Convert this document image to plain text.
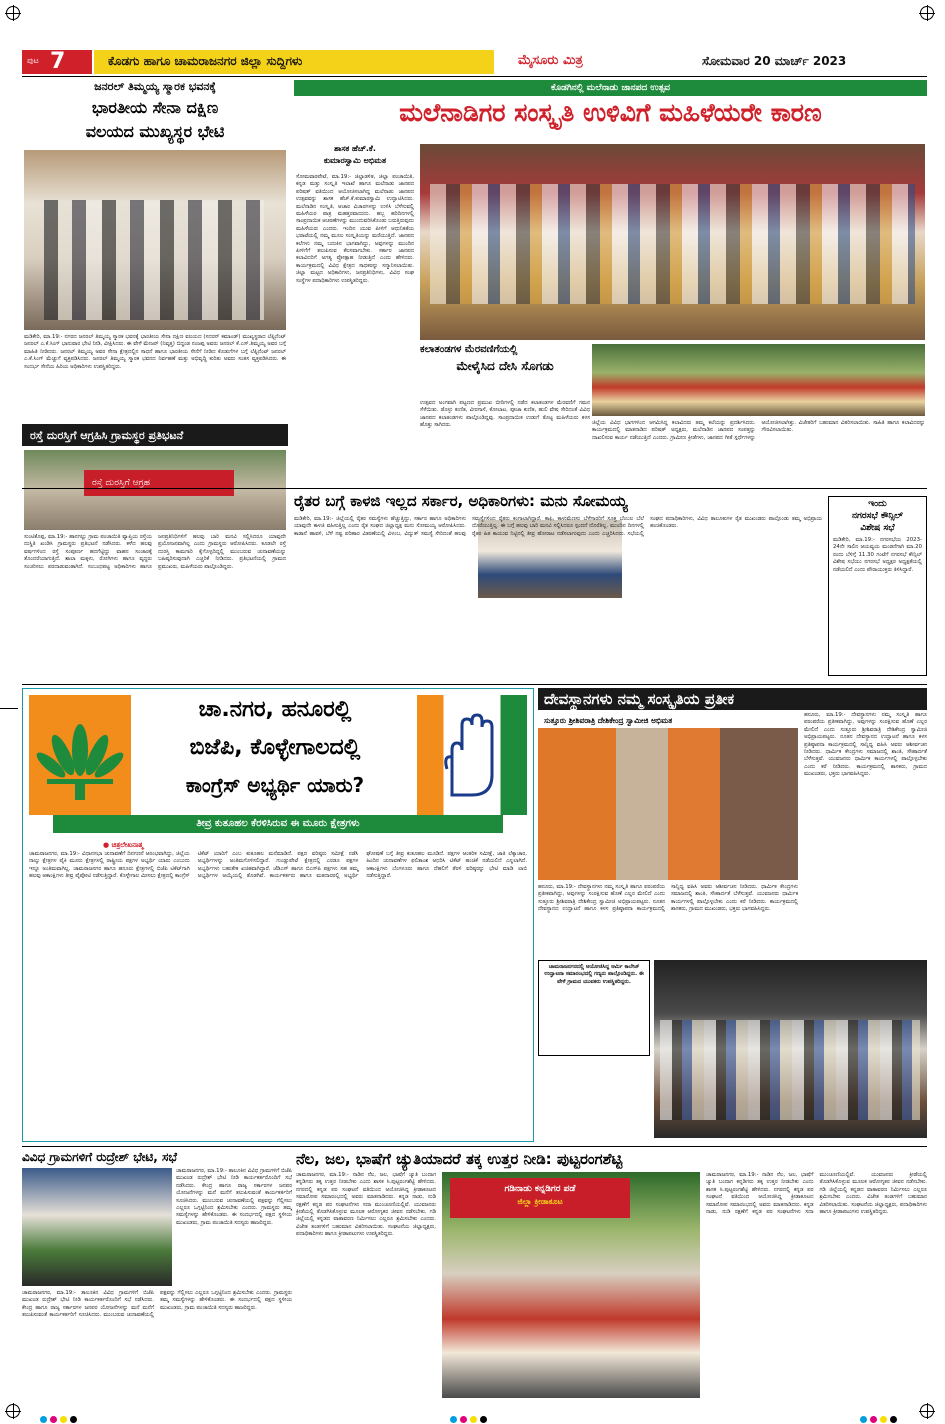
ಪುಟ 7	ಕೊಡಗು ಹಾಗೂ ಚಾಮರಾಜನಗರ ಜಿಲ್ಲಾ ಸುದ್ದಿಗಳು	ಮೈಸೂರು ಮಿತ್ರ	ಸೋಮವಾರ 20 ಮಾರ್ಚ್ 2023
ಜನರಲ್ ತಿಮ್ಮಯ್ಯ ಸ್ಮಾರಕ ಭವನಕ್ಕೆ
ಭಾರತೀಯ ಸೇನಾ ದಕ್ಷಿಣ
ವಲಯದ ಮುಖ್ಯಸ್ಥರ ಭೇಟಿ
ಮಡಿಕೇರಿ, ಮಾ.19:- ನಗರದ ಜನರಲ್ ತಿಮ್ಮಯ್ಯ ಸ್ಮಾರಕ ಭವನಕ್ಕೆ ಭಾರತೀಯ ಸೇನಾ ದಕ್ಷಿಣ ವಲಯದ (ಸದರನ್ ಕಮಾಂಡ್) ಮುಖ್ಯಸ್ಥರಾದ ಲೆಫ್ಟಿನೆಂಟ್ ಜನರಲ್ ಎ.ಕೆ.ಸಿಂಗ್ ಭಾನುವಾರ ಭೇಟಿ ನೀಡಿ, ವೀಕ್ಷಿಸಿದರು. ಈ ವೇಳೆ ಮೇಜರ್ (ನಿವೃತ್ತ) ಬಿದ್ದಂಡ ನಂಜಪ್ಪ ಅವರು ಜನರಲ್ ಕೆ.ಎಸ್.ತಿಮ್ಮಯ್ಯ ಅವರ ಬಗ್ಗೆ ಮಾಹಿತಿ ನೀಡಿದರು. ಜನರಲ್ ತಿಮ್ಮಯ್ಯ ಅವರ ಸೇನಾ ಕ್ಷೇತ್ರದಲ್ಲಿನ ಸಾಧನೆ ಹಾಗೂ ಭಾರತೀಯ ಸೇನೆಗೆ ನೀಡಿದ ಕೊಡುಗೆಗಳ ಬಗ್ಗೆ ಲೆಫ್ಟಿನೆಂಟ್ ಜನರಲ್ ಎ.ಕೆ.ಸಿಂಗ್ ಮೆಚ್ಚುಗೆ ವ್ಯಕ್ತಪಡಿಸಿದರು. ಜನರಲ್ ತಿಮ್ಮಯ್ಯ ಸ್ಮಾರಕ ಭವನದ ನಿರ್ವಹಣೆ ಮತ್ತು ಅಭಿವೃದ್ಧಿ ಕುರಿತು ಅವರು ಸಂತಸ ವ್ಯಕ್ತಪಡಿಸಿದರು. ಈ ಸಂದರ್ಭ ಸೇನೆಯ ಹಿರಿಯ ಅಧಿಕಾರಿಗಳು ಉಪಸ್ಥಿತರಿದ್ದರು.
ರಸ್ತೆ ದುರಸ್ತಿಗೆ ಆಗ್ರಹಿಸಿ ಗ್ರಾಮಸ್ಥರ ಪ್ರತಿಭಟನೆ
ರಸ್ತೆ ದುರಸ್ತಿಗೆ ಆಗ್ರಹ
ಸುಂಟಿಕೊಪ್ಪ, ಮಾ.19:- ಹಾನಗಲ್ಲು ಗ್ರಾಮ ಪಂಚಾಯಿತಿ ವ್ಯಾಪ್ತಿಯ ರಸ್ತೆಯ ದುಸ್ಥಿತಿ ಖಂಡಿಸಿ ಗ್ರಾಮಸ್ಥರು ಪ್ರತಿಭಟನೆ ನಡೆಸಿದರು. ಕಳೆದ ಹಲವು ವರ್ಷಗಳಿಂದ ರಸ್ತೆ ಸಂಪೂರ್ಣ ಹದಗೆಟ್ಟಿದ್ದು ವಾಹನ ಸಂಚಾರಕ್ಕೆ ತೊಂದರೆಯಾಗುತ್ತಿದೆ. ಶಾಲಾ ಮಕ್ಕಳು, ರೋಗಿಗಳು ಹಾಗೂ ವೃದ್ಧರು ಸಂಚರಿಸಲು ಪರದಾಡುವಂತಾಗಿದೆ. ಸಂಬಂಧಪಟ್ಟ ಅಧಿಕಾರಿಗಳು ಹಾಗೂ ಜನಪ್ರತಿನಿಧಿಗಳಿಗೆ ಹಲವು ಬಾರಿ ಮನವಿ ಸಲ್ಲಿಸಿದರೂ ಯಾವುದೇ ಪ್ರಯೋಜನವಾಗಿಲ್ಲ ಎಂದು ಗ್ರಾಮಸ್ಥರು ಆರೋಪಿಸಿದರು. ಕೂಡಲೇ ರಸ್ತೆ ದುರಸ್ತಿ ಕಾಮಗಾರಿ ಕೈಗೊಳ್ಳದಿದ್ದಲ್ಲಿ ಮುಂಬರುವ ಚುನಾವಣೆಯನ್ನು ಬಹಿಷ್ಕರಿಸುವುದಾಗಿ ಎಚ್ಚರಿಕೆ ನೀಡಿದರು. ಪ್ರತಿಭಟನೆಯಲ್ಲಿ ಗ್ರಾಮದ ಪ್ರಮುಖರು, ಮಹಿಳೆಯರು ಪಾಲ್ಗೊಂಡಿದ್ದರು.
ಕೊಡಗಿನಲ್ಲಿ ಮಲೆನಾಡು ಜಾನಪದ ಉತ್ಸವ
ಮಲೆನಾಡಿಗರ ಸಂಸ್ಕೃತಿ ಉಳಿವಿಗೆ ಮಹಿಳೆಯರೇ ಕಾರಣ
ಶಾಸಕ ಹೆಚ್.ಕೆ.
ಕುಮಾರಸ್ವಾಮಿ ಅಭಿಮತ
ಸೋಮವಾರಪೇಟೆ, ಮಾ.19:- ಜಿಲ್ಲಾಡಳಿತ, ಜಿಲ್ಲಾ ಪಂಚಾಯಿತಿ, ಕನ್ನಡ ಮತ್ತು ಸಂಸ್ಕೃತಿ ಇಲಾಖೆ ಹಾಗೂ ಮಲೆನಾಡು ಜಾನಪದ ಪರಿಷತ್ ವತಿಯಿಂದ ಆಯೋಜಿಸಲಾಗಿದ್ದ ಮಲೆನಾಡು ಜಾನಪದ ಉತ್ಸವವನ್ನು ಶಾಸಕ ಹೆಚ್.ಕೆ.ಕುಮಾರಸ್ವಾಮಿ ಉದ್ಘಾಟಿಸಿದರು. ಮಲೆನಾಡಿನ ಸಂಸ್ಕೃತಿ, ಆಚಾರ ವಿಚಾರಗಳನ್ನು ಉಳಿಸಿ ಬೆಳೆಸುವಲ್ಲಿ ಮಹಿಳೆಯರ ಪಾತ್ರ ಮಹತ್ತರವಾದುದು. ಹಬ್ಬ ಹರಿದಿನಗಳಲ್ಲಿ ಸಾಂಪ್ರದಾಯಿಕ ಆಚರಣೆಗಳನ್ನು ಮುಂದುವರಿಸಿಕೊಂಡು ಬರುತ್ತಿರುವುದು ಮಹಿಳೆಯರು ಎಂದರು. ಇಂದಿನ ಯುವ ಪೀಳಿಗೆ ಆಧುನಿಕತೆಯ ಭರಾಟೆಯಲ್ಲಿ ನಮ್ಮ ಮೂಲ ಸಂಸ್ಕೃತಿಯನ್ನು ಮರೆಯುತ್ತಿದೆ. ಜಾನಪದ ಕಲೆಗಳು ನಮ್ಮ ಬದುಕಿನ ಭಾಗವಾಗಿದ್ದು, ಅವುಗಳನ್ನು ಮುಂದಿನ ಪೀಳಿಗೆಗೆ ತಲುಪಿಸುವ ಕೆಲಸವಾಗಬೇಕು. ಸರ್ಕಾರ ಜಾನಪದ ಕಲಾವಿದರಿಗೆ ಅಗತ್ಯ ಪ್ರೋತ್ಸಾಹ ನೀಡುತ್ತಿದೆ ಎಂದು ಹೇಳಿದರು. ಕಾರ್ಯಕ್ರಮದಲ್ಲಿ ವಿವಿಧ ಕ್ಷೇತ್ರದ ಸಾಧಕರನ್ನು ಸನ್ಮಾನಿಸಲಾಯಿತು. ಜಿಲ್ಲಾ ಮಟ್ಟದ ಅಧಿಕಾರಿಗಳು, ಜನಪ್ರತಿನಿಧಿಗಳು, ವಿವಿಧ ಸಂಘ ಸಂಸ್ಥೆಗಳ ಪದಾಧಿಕಾರಿಗಳು ಉಪಸ್ಥಿತರಿದ್ದರು.
ಕಲಾತಂಡಗಳ ಮೆರವಣಿಗೆಯಲ್ಲಿ
ಮೇಳೈಸಿದ ದೇಸಿ ಸೊಗಡು
ಉತ್ಸವದ ಅಂಗವಾಗಿ ಪಟ್ಟಣದ ಪ್ರಮುಖ ಬೀದಿಗಳಲ್ಲಿ ನಡೆದ ಕಲಾತಂಡಗಳ ಮೆರವಣಿಗೆ ಗಮನ ಸೆಳೆಯಿತು. ಡೊಳ್ಳು ಕುಣಿತ, ವೀರಗಾಸೆ, ಕೋಲಾಟ, ಪೂಜಾ ಕುಣಿತ, ಹುಲಿ ವೇಷ ಸೇರಿದಂತೆ ವಿವಿಧ ಜಾನಪದ ಕಲಾತಂಡಗಳು ಪಾಲ್ಗೊಂಡಿದ್ದವು. ಸಾಂಪ್ರದಾಯಿಕ ಉಡುಗೆ ತೊಟ್ಟ ಮಹಿಳೆಯರು ಕಳಸ ಹೊತ್ತು ಸಾಗಿದರು.	ಜಿಲ್ಲೆಯ ವಿವಿಧ ಭಾಗಗಳಿಂದ ಆಗಮಿಸಿದ್ದ ಕಲಾವಿದರು ತಮ್ಮ ಕಲೆಯನ್ನು ಪ್ರದರ್ಶಿಸಿದರು. ಕಾರ್ಯಕ್ರಮದಲ್ಲಿ ಮಾತನಾಡಿದ ಪರಿಷತ್ ಅಧ್ಯಕ್ಷರು, ಮಲೆನಾಡಿನ ಜಾನಪದ ಸಂಪತ್ತನ್ನು ದಾಖಲಿಸುವ ಕಾರ್ಯ ನಡೆಯುತ್ತಿದೆ ಎಂದರು. ಗ್ರಾಮೀಣ ಕ್ರೀಡೆಗಳು, ಜಾನಪದ ಗೀತೆ ಸ್ಪರ್ಧೆಗಳನ್ನು ಆಯೋಜಿಸಲಾಗಿತ್ತು. ವಿಜೇತರಿಗೆ ಬಹುಮಾನ ವಿತರಿಸಲಾಯಿತು. ಸಾಹಿತಿ ಹಾಗೂ ಕಲಾವಿದರನ್ನು ಗೌರವಿಸಲಾಯಿತು.
ರೈತರ ಬಗ್ಗೆ ಕಾಳಜಿ ಇಲ್ಲದ ಸರ್ಕಾರ, ಅಧಿಕಾರಿಗಳು: ಮನು ಸೋಮಯ್ಯ
ಮಡಿಕೇರಿ, ಮಾ.19:- ಜಿಲ್ಲೆಯಲ್ಲಿ ರೈತರ ಸಮಸ್ಯೆಗಳು ಹೆಚ್ಚುತ್ತಿದ್ದು, ಸರ್ಕಾರ ಹಾಗೂ ಅಧಿಕಾರಿಗಳು ಯಾವುದೇ ಕಾಳಜಿ ವಹಿಸುತ್ತಿಲ್ಲ ಎಂದು ರೈತ ಸಂಘದ ಜಿಲ್ಲಾಧ್ಯಕ್ಷ ಮನು ಸೋಮಯ್ಯ ಆರೋಪಿಸಿದರು. ಕಾಡಾನೆ ಹಾವಳಿ, ಬೆಳೆ ನಷ್ಟ ಪರಿಹಾರ ವಿತರಣೆಯಲ್ಲಿ ವಿಳಂಬ, ವಿದ್ಯುತ್ ಸಮಸ್ಯೆ ಸೇರಿದಂತೆ ಹಲವು ಸಮಸ್ಯೆಗಳಿಂದ ರೈತರು ಕಂಗಾಲಾಗಿದ್ದಾರೆ. ಕಾಫಿ, ಕಾಳುಮೆಣಸು ಬೆಳೆಗಾರರಿಗೆ ಸೂಕ್ತ ಬೆಂಬಲ ಬೆಲೆ ದೊರೆಯುತ್ತಿಲ್ಲ. ಈ ಬಗ್ಗೆ ಹಲವು ಬಾರಿ ಮನವಿ ಸಲ್ಲಿಸಿದರೂ ಸ್ಪಂದನೆ ದೊರೆತಿಲ್ಲ. ಮುಂದಿನ ದಿನಗಳಲ್ಲಿ ರೈತರ ಹಿತ ಕಾಯುವ ನಿಟ್ಟಿನಲ್ಲಿ ತೀವ್ರ ಹೋರಾಟ ನಡೆಸಲಾಗುವುದು ಎಂದು ಎಚ್ಚರಿಸಿದರು. ಸಭೆಯಲ್ಲಿ ಸಂಘದ ಪದಾಧಿಕಾರಿಗಳು, ವಿವಿಧ ತಾಲೂಕುಗಳ ರೈತ ಮುಖಂಡರು ಪಾಲ್ಗೊಂಡು ತಮ್ಮ ಅಭಿಪ್ರಾಯ ಹಂಚಿಕೊಂಡರು.
ಇಂದು
ನಗರಸಭೆ ಕೌನ್ಸಿಲ್
ವಿಶೇಷ ಸಭೆ
ಮಡಿಕೇರಿ, ಮಾ.19:- ನಗರಸಭೆಯ 2023-24ನೇ ಸಾಲಿನ ಆಯವ್ಯಯ ಮಂಡನೆಗಾಗಿ ಮಾ.20 ರಂದು ಬೆಳಿಗ್ಗೆ 11.30 ಗಂಟೆಗೆ ನಗರಸಭೆ ಕೌನ್ಸಿಲ್ ವಿಶೇಷ ಸಭೆಯು ನಗರಸಭೆ ಅಧ್ಯಕ್ಷರ ಅಧ್ಯಕ್ಷತೆಯಲ್ಲಿ ನಡೆಯಲಿದೆ ಎಂದು ಪೌರಾಯುಕ್ತರು ತಿಳಿಸಿದ್ದಾರೆ.
ಚಾ.ನಗರ, ಹನೂರಲ್ಲಿ
ಬಿಜೆಪಿ, ಕೊಳ್ಳೇಗಾಲದಲ್ಲಿ
ಕಾಂಗ್ರೆಸ್ ಅಭ್ಯರ್ಥಿ ಯಾರು?
ತೀವ್ರ ಕುತೂಹಲ ಕೆರಳಿಸಿರುವ ಈ ಮೂರು ಕ್ಷೇತ್ರಗಳು
● ಚಿತ್ರಲೇಖನಾತ್ಮ
ಚಾಮರಾಜನಗರ, ಮಾ.19:- ವಿಧಾನಸಭಾ ಚುನಾವಣೆಗೆ ದಿನಗಣನೆ ಆರಂಭವಾಗಿದ್ದು, ಜಿಲ್ಲೆಯ ನಾಲ್ಕು ಕ್ಷೇತ್ರಗಳ ಪೈಕಿ ಮೂರು ಕ್ಷೇತ್ರಗಳಲ್ಲಿ ರಾಷ್ಟ್ರೀಯ ಪಕ್ಷಗಳ ಅಭ್ಯರ್ಥಿ ಯಾರು ಎಂಬುದು ಇನ್ನೂ ಅಂತಿಮವಾಗಿಲ್ಲ. ಚಾಮರಾಜನಗರ ಹಾಗೂ ಹನೂರು ಕ್ಷೇತ್ರಗಳಲ್ಲಿ ಬಿಜೆಪಿ ಟಿಕೆಟ್‌ಗಾಗಿ ಹಲವು ಆಕಾಂಕ್ಷಿಗಳು ತೀವ್ರ ಪೈಪೋಟಿ ನಡೆಸುತ್ತಿದ್ದಾರೆ. ಕೊಳ್ಳೇಗಾಲ ಮೀಸಲು ಕ್ಷೇತ್ರದಲ್ಲಿ ಕಾಂಗ್ರೆಸ್ ಟಿಕೆಟ್ ಯಾರಿಗೆ ಎಂಬ ಕುತೂಹಲ ಮನೆಮಾಡಿದೆ. ಪಕ್ಷದ ವರಿಷ್ಠರು ಸಮೀಕ್ಷೆ ನಡೆಸಿ ಅಭ್ಯರ್ಥಿಗಳನ್ನು ಅಂತಿಮಗೊಳಿಸಲಿದ್ದಾರೆ. ಗುಂಡ್ಲುಪೇಟೆ ಕ್ಷೇತ್ರದಲ್ಲಿ ಎರಡೂ ಪಕ್ಷಗಳ ಅಭ್ಯರ್ಥಿಗಳು ಬಹುತೇಕ ಖಚಿತವಾಗಿದ್ದಾರೆ. ಜೆಡಿಎಸ್ ಹಾಗೂ ಬಿಎಸ್‌ಪಿ ಪಕ್ಷಗಳು ಸಹ ತಮ್ಮ ಅಭ್ಯರ್ಥಿಗಳ ಆಯ್ಕೆಯಲ್ಲಿ ತೊಡಗಿವೆ. ಕಾರ್ಯಕರ್ತರು ಹಾಗೂ ಮತದಾರರಲ್ಲಿ ಅಭ್ಯರ್ಥಿ ಘೋಷಣೆ ಬಗ್ಗೆ ತೀವ್ರ ಕುತೂಹಲ ಮೂಡಿದೆ. ಪಕ್ಷಗಳ ಆಂತರಿಕ ಸಮೀಕ್ಷೆ, ಜಾತಿ ಲೆಕ್ಕಾಚಾರ, ಹಿಂದಿನ ಚುನಾವಣೆಗಳ ಫಲಿತಾಂಶ ಆಧರಿಸಿ ಟಿಕೆಟ್ ಹಂಚಿಕೆ ನಡೆಯಲಿದೆ ಎನ್ನಲಾಗಿದೆ. ಆಕಾಂಕ್ಷಿಗಳು ಬೆಂಗಳೂರು ಹಾಗೂ ದೆಹಲಿಗೆ ತೆರಳಿ ವರಿಷ್ಠರನ್ನು ಭೇಟಿ ಮಾಡಿ ಲಾಬಿ ನಡೆಸುತ್ತಿದ್ದಾರೆ.
ದೇವಸ್ಥಾನಗಳು ನಮ್ಮ ಸಂಸ್ಕೃತಿಯ ಪ್ರತೀಕ
ಸುತ್ತೂರು ಶ್ರೀಶಿವರಾತ್ರಿ ದೇಶಿಕೇಂದ್ರ ಸ್ವಾಮೀಜಿ ಅಭಿಮತ
ಹನೂರು, ಮಾ.19:- ದೇವಸ್ಥಾನಗಳು ನಮ್ಮ ಸಂಸ್ಕೃತಿ ಹಾಗೂ ಪರಂಪರೆಯ ಪ್ರತೀಕವಾಗಿದ್ದು, ಅವುಗಳನ್ನು ಸಂರಕ್ಷಿಸುವ ಹೊಣೆ ಎಲ್ಲರ ಮೇಲಿದೆ ಎಂದು ಸುತ್ತೂರು ಶ್ರೀಶಿವರಾತ್ರಿ ದೇಶಿಕೇಂದ್ರ ಸ್ವಾಮೀಜಿ ಅಭಿಪ್ರಾಯಪಟ್ಟರು. ನೂತನ ದೇವಸ್ಥಾನದ ಉದ್ಘಾಟನೆ ಹಾಗೂ ಕಳಸ ಪ್ರತಿಷ್ಠಾಪನಾ ಕಾರ್ಯಕ್ರಮದಲ್ಲಿ ಸಾನ್ನಿಧ್ಯ ವಹಿಸಿ ಅವರು ಆಶೀರ್ವಚನ ನೀಡಿದರು. ಧಾರ್ಮಿಕ ಕೇಂದ್ರಗಳು ಸಮಾಜದಲ್ಲಿ ಶಾಂತಿ, ಸೌಹಾರ್ದತೆ ಬೆಳೆಸುತ್ತವೆ. ಯುವಜನರು ಧಾರ್ಮಿಕ ಕಾರ್ಯಗಳಲ್ಲಿ ಪಾಲ್ಗೊಳ್ಳಬೇಕು ಎಂದು ಕರೆ ನೀಡಿದರು. ಕಾರ್ಯಕ್ರಮದಲ್ಲಿ ಶಾಸಕರು, ಗ್ರಾಮದ ಮುಖಂಡರು, ಭಕ್ತರು ಭಾಗವಹಿಸಿದ್ದರು.
ಹನೂರು, ಮಾ.19:- ದೇವಸ್ಥಾನಗಳು ನಮ್ಮ ಸಂಸ್ಕೃತಿ ಹಾಗೂ ಪರಂಪರೆಯ ಪ್ರತೀಕವಾಗಿದ್ದು, ಅವುಗಳನ್ನು ಸಂರಕ್ಷಿಸುವ ಹೊಣೆ ಎಲ್ಲರ ಮೇಲಿದೆ ಎಂದು ಸುತ್ತೂರು ಶ್ರೀಶಿವರಾತ್ರಿ ದೇಶಿಕೇಂದ್ರ ಸ್ವಾಮೀಜಿ ಅಭಿಪ್ರಾಯಪಟ್ಟರು. ನೂತನ ದೇವಸ್ಥಾನದ ಉದ್ಘಾಟನೆ ಹಾಗೂ ಕಳಸ ಪ್ರತಿಷ್ಠಾಪನಾ ಕಾರ್ಯಕ್ರಮದಲ್ಲಿ ಸಾನ್ನಿಧ್ಯ ವಹಿಸಿ ಅವರು ಆಶೀರ್ವಚನ ನೀಡಿದರು. ಧಾರ್ಮಿಕ ಕೇಂದ್ರಗಳು ಸಮಾಜದಲ್ಲಿ ಶಾಂತಿ, ಸೌಹಾರ್ದತೆ ಬೆಳೆಸುತ್ತವೆ. ಯುವಜನರು ಧಾರ್ಮಿಕ ಕಾರ್ಯಗಳಲ್ಲಿ ಪಾಲ್ಗೊಳ್ಳಬೇಕು ಎಂದು ಕರೆ ನೀಡಿದರು. ಕಾರ್ಯಕ್ರಮದಲ್ಲಿ ಶಾಸಕರು, ಗ್ರಾಮದ ಮುಖಂಡರು, ಭಕ್ತರು ಭಾಗವಹಿಸಿದ್ದರು.
ಚಾಮರಾಜನಗರದಲ್ಲಿ ಆಯೋಜಿಸಿದ್ದ ಆರ್ಮಿ ಕಾಲೇಜ್ ಉದ್ಘಾಟನಾ ಸಮಾರಂಭದಲ್ಲಿ ಗಣ್ಯರು ಪಾಲ್ಗೊಂಡಿದ್ದರು. ಈ ವೇಳೆ ಗ್ರಾಮದ ಯುವಕರು ಉಪಸ್ಥಿತರಿದ್ದರು.
ವಿವಿಧ ಗ್ರಾಮಗಳಿಗೆ ರುದ್ರೇಶ್ ಭೇಟಿ, ಸಭೆ
ಚಾಮರಾಜನಗರ, ಮಾ.19:- ತಾಲೂಕಿನ ವಿವಿಧ ಗ್ರಾಮಗಳಿಗೆ ಬಿಜೆಪಿ ಮುಖಂಡ ರುದ್ರೇಶ್ ಭೇಟಿ ನೀಡಿ ಕಾರ್ಯಕರ್ತರೊಂದಿಗೆ ಸಭೆ ನಡೆಸಿದರು. ಕೇಂದ್ರ ಹಾಗೂ ರಾಜ್ಯ ಸರ್ಕಾರಗಳ ಜನಪರ ಯೋಜನೆಗಳನ್ನು ಮನೆ ಮನೆಗೆ ತಲುಪಿಸುವಂತೆ ಕಾರ್ಯಕರ್ತರಿಗೆ ಸೂಚಿಸಿದರು. ಮುಂಬರುವ ಚುನಾವಣೆಯಲ್ಲಿ ಪಕ್ಷವನ್ನು ಗೆಲ್ಲಿಸಲು ಎಲ್ಲರೂ ಒಗ್ಗಟ್ಟಿನಿಂದ ಶ್ರಮಿಸಬೇಕು ಎಂದರು. ಗ್ರಾಮಸ್ಥರು ತಮ್ಮ ಸಮಸ್ಯೆಗಳನ್ನು ಹೇಳಿಕೊಂಡರು. ಈ ಸಂದರ್ಭದಲ್ಲಿ ಪಕ್ಷದ ಸ್ಥಳೀಯ ಮುಖಂಡರು, ಗ್ರಾಮ ಪಂಚಾಯಿತಿ ಸದಸ್ಯರು ಹಾಜರಿದ್ದರು.
ಚಾಮರಾಜನಗರ, ಮಾ.19:- ತಾಲೂಕಿನ ವಿವಿಧ ಗ್ರಾಮಗಳಿಗೆ ಬಿಜೆಪಿ ಮುಖಂಡ ರುದ್ರೇಶ್ ಭೇಟಿ ನೀಡಿ ಕಾರ್ಯಕರ್ತರೊಂದಿಗೆ ಸಭೆ ನಡೆಸಿದರು. ಕೇಂದ್ರ ಹಾಗೂ ರಾಜ್ಯ ಸರ್ಕಾರಗಳ ಜನಪರ ಯೋಜನೆಗಳನ್ನು ಮನೆ ಮನೆಗೆ ತಲುಪಿಸುವಂತೆ ಕಾರ್ಯಕರ್ತರಿಗೆ ಸೂಚಿಸಿದರು. ಮುಂಬರುವ ಚುನಾವಣೆಯಲ್ಲಿ ಪಕ್ಷವನ್ನು ಗೆಲ್ಲಿಸಲು ಎಲ್ಲರೂ ಒಗ್ಗಟ್ಟಿನಿಂದ ಶ್ರಮಿಸಬೇಕು ಎಂದರು. ಗ್ರಾಮಸ್ಥರು ತಮ್ಮ ಸಮಸ್ಯೆಗಳನ್ನು ಹೇಳಿಕೊಂಡರು. ಈ ಸಂದರ್ಭದಲ್ಲಿ ಪಕ್ಷದ ಸ್ಥಳೀಯ ಮುಖಂಡರು, ಗ್ರಾಮ ಪಂಚಾಯಿತಿ ಸದಸ್ಯರು ಹಾಜರಿದ್ದರು.
ನೆಲ, ಜಲ, ಭಾಷೆಗೆ ಚ್ಯುತಿಯಾದರೆ ತಕ್ಕ ಉತ್ತರ ನೀಡಿ: ಪುಟ್ಟರಂಗಶೆಟ್ಟಿ
ಚಾಮರಾಜನಗರ, ಮಾ.19:- ನಾಡಿನ ನೆಲ, ಜಲ, ಭಾಷೆಗೆ ಚ್ಯುತಿ ಬಂದಾಗ ಕನ್ನಡಿಗರು ತಕ್ಕ ಉತ್ತರ ನೀಡಬೇಕು ಎಂದು ಶಾಸಕ ಸಿ.ಪುಟ್ಟರಂಗಶೆಟ್ಟಿ ಹೇಳಿದರು. ನಗರದಲ್ಲಿ ಕನ್ನಡ ಪರ ಸಂಘಟನೆ ವತಿಯಿಂದ ಆಯೋಜಿಸಿದ್ದ ಕ್ರೀಡಾಕೂಟದ ಸಮಾರೋಪ ಸಮಾರಂಭದಲ್ಲಿ ಅವರು ಮಾತನಾಡಿದರು. ಕನ್ನಡ ನಾಡು, ನುಡಿ ರಕ್ಷಣೆಗೆ ಕನ್ನಡ ಪರ ಸಂಘಟನೆಗಳು ಸದಾ ಮುಂಚೂಣಿಯಲ್ಲಿವೆ. ಯುವಜನರು ಕ್ರೀಡೆಯಲ್ಲಿ ತೊಡಗಿಸಿಕೊಳ್ಳುವ ಮೂಲಕ ಆರೋಗ್ಯಕರ ಜೀವನ ನಡೆಸಬೇಕು. ಗಡಿ ಜಿಲ್ಲೆಯಲ್ಲಿ ಕನ್ನಡದ ವಾತಾವರಣ ನಿರ್ಮಿಸಲು ಎಲ್ಲರೂ ಶ್ರಮಿಸಬೇಕು ಎಂದರು. ವಿಜೇತ ತಂಡಗಳಿಗೆ ಬಹುಮಾನ ವಿತರಿಸಲಾಯಿತು. ಸಂಘಟನೆಯ ಜಿಲ್ಲಾಧ್ಯಕ್ಷರು, ಪದಾಧಿಕಾರಿಗಳು ಹಾಗೂ ಕ್ರೀಡಾಪಟುಗಳು ಉಪಸ್ಥಿತರಿದ್ದರು.
ಗಡಿನಾಡು ಕನ್ನಡಿಗರ ಪಡೆ
ಜಿಲ್ಲಾ ಕ್ರೀಡಾಕೂಟ
ಚಾಮರಾಜನಗರ, ಮಾ.19:- ನಾಡಿನ ನೆಲ, ಜಲ, ಭಾಷೆಗೆ ಚ್ಯುತಿ ಬಂದಾಗ ಕನ್ನಡಿಗರು ತಕ್ಕ ಉತ್ತರ ನೀಡಬೇಕು ಎಂದು ಶಾಸಕ ಸಿ.ಪುಟ್ಟರಂಗಶೆಟ್ಟಿ ಹೇಳಿದರು. ನಗರದಲ್ಲಿ ಕನ್ನಡ ಪರ ಸಂಘಟನೆ ವತಿಯಿಂದ ಆಯೋಜಿಸಿದ್ದ ಕ್ರೀಡಾಕೂಟದ ಸಮಾರೋಪ ಸಮಾರಂಭದಲ್ಲಿ ಅವರು ಮಾತನಾಡಿದರು. ಕನ್ನಡ ನಾಡು, ನುಡಿ ರಕ್ಷಣೆಗೆ ಕನ್ನಡ ಪರ ಸಂಘಟನೆಗಳು ಸದಾ ಮುಂಚೂಣಿಯಲ್ಲಿವೆ. ಯುವಜನರು ಕ್ರೀಡೆಯಲ್ಲಿ ತೊಡಗಿಸಿಕೊಳ್ಳುವ ಮೂಲಕ ಆರೋಗ್ಯಕರ ಜೀವನ ನಡೆಸಬೇಕು. ಗಡಿ ಜಿಲ್ಲೆಯಲ್ಲಿ ಕನ್ನಡದ ವಾತಾವರಣ ನಿರ್ಮಿಸಲು ಎಲ್ಲರೂ ಶ್ರಮಿಸಬೇಕು ಎಂದರು. ವಿಜೇತ ತಂಡಗಳಿಗೆ ಬಹುಮಾನ ವಿತರಿಸಲಾಯಿತು. ಸಂಘಟನೆಯ ಜಿಲ್ಲಾಧ್ಯಕ್ಷರು, ಪದಾಧಿಕಾರಿಗಳು ಹಾಗೂ ಕ್ರೀಡಾಪಟುಗಳು ಉಪಸ್ಥಿತರಿದ್ದರು.
